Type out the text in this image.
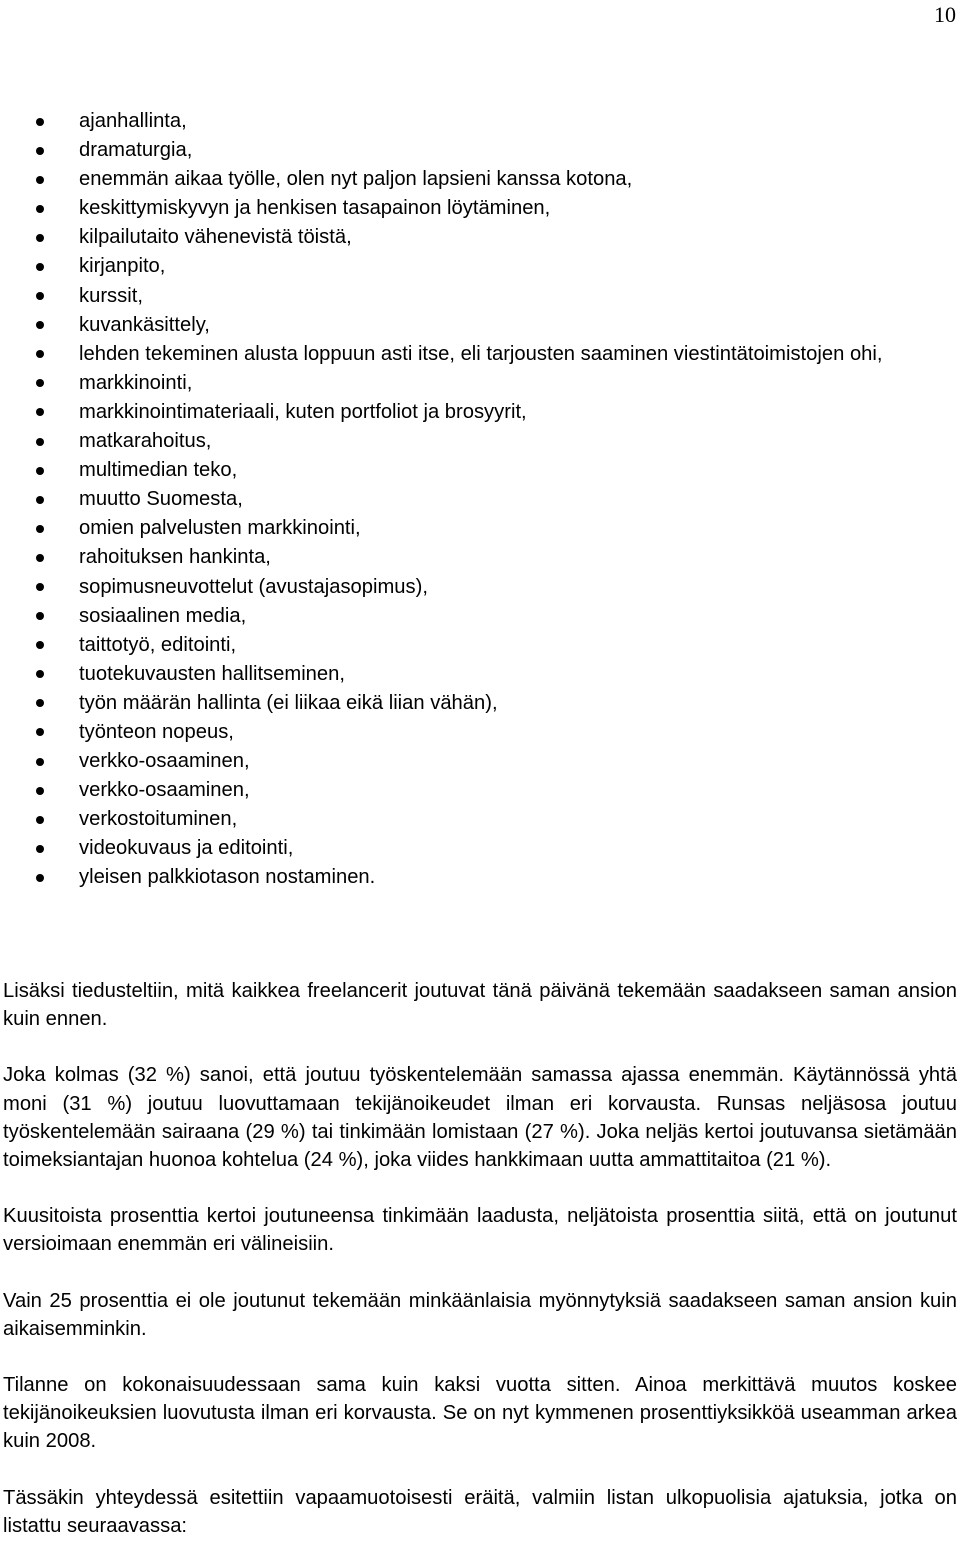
10
ajanhallinta,
dramaturgia,
enemmän aikaa työlle, olen nyt paljon lapsieni kanssa kotona,
keskittymiskyvyn ja henkisen tasapainon löytäminen,
kilpailutaito vähenevistä töistä,
kirjanpito,
kurssit,
kuvankäsittely,
lehden tekeminen alusta loppuun asti itse, eli tarjousten saaminen viestintätoimistojen ohi,
markkinointi,
markkinointimateriaali, kuten portfoliot ja brosyyrit,
matkarahoitus,
multimedian teko,
muutto Suomesta,
omien palvelusten markkinointi,
rahoituksen hankinta,
sopimusneuvottelut (avustajasopimus),
sosiaalinen media,
taittotyö, editointi,
tuotekuvausten hallitseminen,
työn määrän hallinta (ei liikaa eikä liian vähän),
työnteon nopeus,
verkko-osaaminen,
verkko-osaaminen,
verkostoituminen,
videokuvaus ja editointi,
yleisen palkkiotason nostaminen.

Lisäksi tiedusteltiin, mitä kaikkea freelancerit joutuvat tänä päivänä tekemään saadakseen saman ansion kuin ennen.

Joka kolmas (32 %) sanoi, että joutuu työskentelemään samassa ajassa enemmän. Käytännössä yhtä moni (31 %) joutuu luovuttamaan tekijänoikeudet ilman eri korvausta. Runsas neljäsosa joutuu työskentelemään sairaana (29 %) tai tinkimään lomistaan (27 %). Joka neljäs kertoi joutuvansa sietämään toimeksiantajan huonoa kohtelua (24 %), joka viides hankkimaan uutta ammattitaitoa (21 %).

Kuusitoista prosenttia kertoi joutuneensa tinkimään laadusta, neljätoista prosenttia siitä, että on joutunut versioimaan enemmän eri välineisiin.

Vain 25 prosenttia ei ole joutunut tekemään minkäänlaisia myönnytyksiä saadakseen saman ansion kuin aikaisemminkin.

Tilanne on kokonaisuudessaan sama kuin kaksi vuotta sitten. Ainoa merkittävä muutos koskee tekijänoikeuksien luovutusta ilman eri korvausta. Se on nyt kymmenen prosenttiyksikköä useamman arkea kuin 2008.

Tässäkin yhteydessä esitettiin vapaamuotoisesti eräitä, valmiin listan ulkopuolisia ajatuksia, jotka on listattu seuraavassa:
